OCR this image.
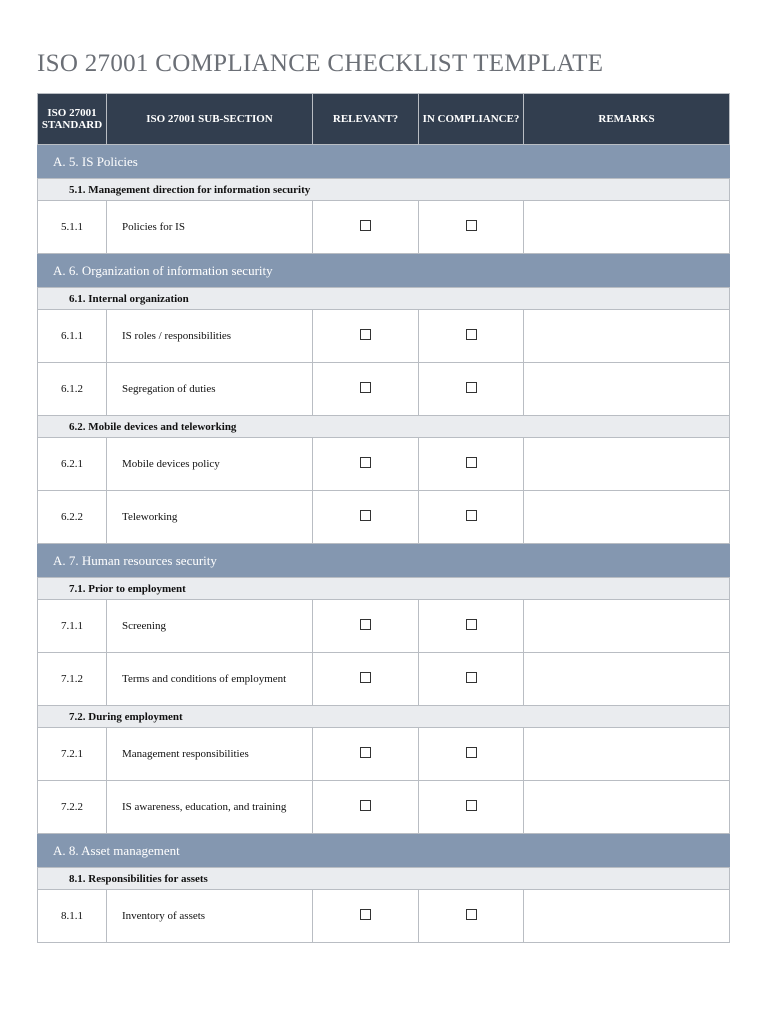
ISO 27001 COMPLIANCE CHECKLIST TEMPLATE
ISO 27001 STANDARD	ISO 27001 SUB-SECTION	RELEVANT?	IN COMPLIANCE?	REMARKS
A. 5. IS Policies				
5.1. Management direction for information security				
5.1.1	Policies for IS			
A. 6. Organization of information security				
6.1. Internal organization				
6.1.1	IS roles / responsibilities			
6.1.2	Segregation of duties			
6.2. Mobile devices and teleworking				
6.2.1	Mobile devices policy			
6.2.2	Teleworking			
A. 7. Human resources security				
7.1. Prior to employment				
7.1.1	Screening			
7.1.2	Terms and conditions of employment			
7.2. During employment				
7.2.1	Management responsibilities			
7.2.2	IS awareness, education, and training			
A. 8. Asset management				
8.1. Responsibilities for assets				
8.1.1	Inventory of assets			
